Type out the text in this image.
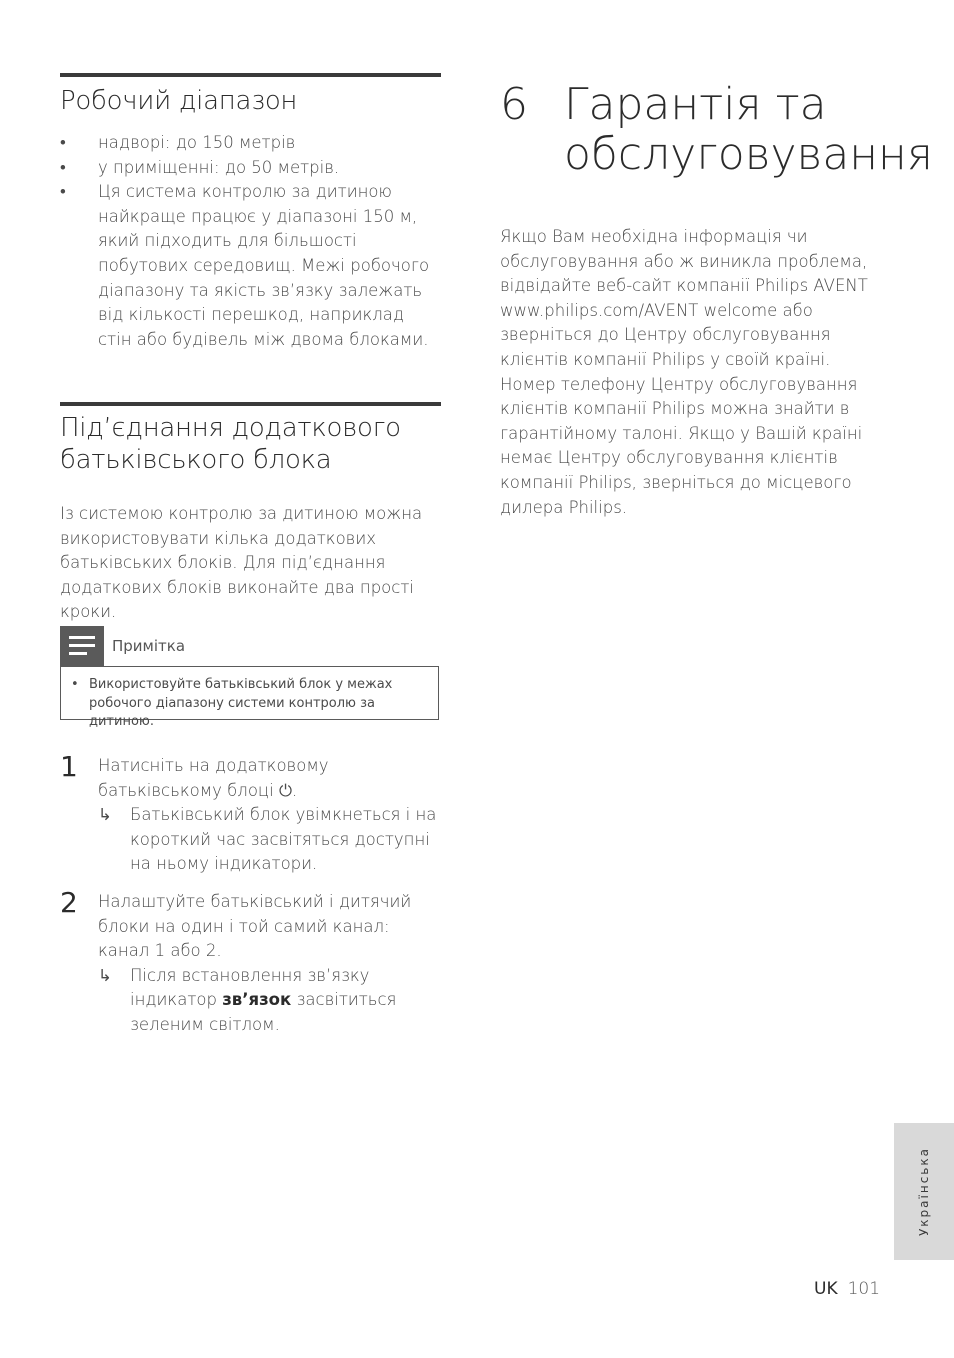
Робочий діапазон
• надворі: до 150 метрів
• у приміщенні: до 50 метрів.
• Ця система контролю за дитиною найкраще працює у діапазоні 150 м, який підходить для більшості побутових середовищ. Межі робочого діапазону та якість зв’язку залежать від кількості перешкод, наприклад стін або будівель між двома блоками.
Під’єднання додаткового батьківського блока

Із системою контролю за дитиною можна використовувати кілька додаткових батьківських блоків. Для під’єднання додаткових блоків виконайте два прості кроки.

Примітка
• Використовуйте батьківський блок у межах робочого діапазону системи контролю за дитиною.
1 Натисніть на додатковому батьківському блоці ⏻.
↳ Батьківський блок увімкнеться і на короткий час засвітяться доступні на ньому індикатори.
2 Налаштуйте батьківський і дитячий блоки на один і той самий канал: канал 1 або 2.
↳ Після встановлення зв’язку індикатор зв’язок засвітиться зеленим світлом.
6 Гарантія та
обслуговування

Якщо Вам необхідна інформація чи обслуговування або ж виникла проблема, відвідайте веб-сайт компанії Philips AVENT www.philips.com/AVENT welcome або зверніться до Центру обслуговування клієнтів компанії Philips у своїй країні. Номер телефону Центру обслуговування клієнтів компанії Philips можна знайти в гарантійному талоні. Якщо у Вашій країні немає Центру обслуговування клієнтів компанії Philips, зверніться до місцевого дилера Philips.

Українська
UK 101
